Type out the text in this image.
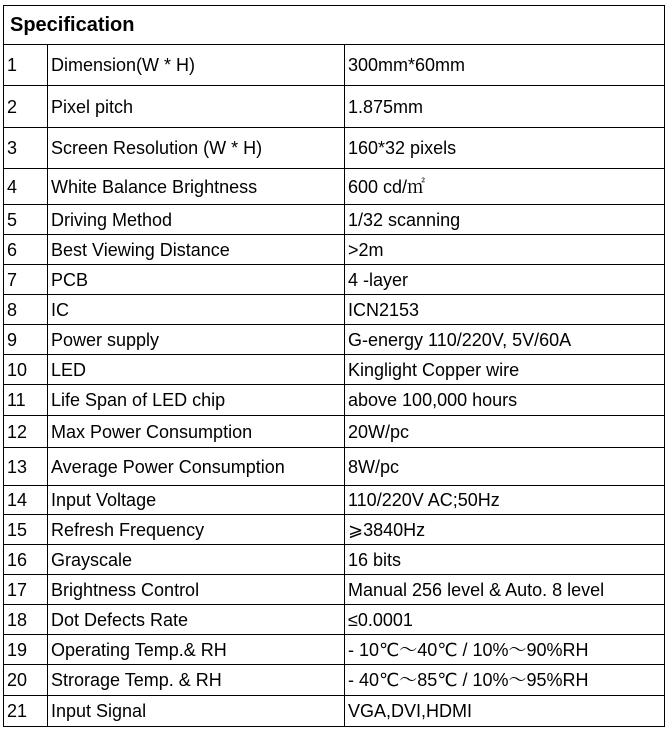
Specification		
1	Dimension(W * H)	300mm*60mm
2	Pixel pitch	1.875mm
3	Screen Resolution (W * H)	160*32 pixels
4	White Balance Brightness	600 cd/㎡
5	Driving Method	1/32 scanning
6	Best Viewing Distance	>2m
7	PCB	4 -layer
8	IC	ICN2153
9	Power supply	G-energy 110/220V, 5V/60A
10	LED	Kinglight Copper wire
11	Life Span of LED chip	above 100,000 hours
12	Max Power Consumption	20W/pc
13	Average Power Consumption	8W/pc
14	Input Voltage	110/220V AC;50Hz
15	Refresh Frequency	⩾3840Hz
16	Grayscale	16 bits
17	Brightness Control	Manual 256 level & Auto. 8 level
18	Dot Defects Rate	≤0.0001
19	Operating Temp.& RH	- 10℃～40℃ / 10%～90%RH
20	Strorage Temp. & RH	- 40℃～85℃ / 10%～95%RH
21	Input Signal	VGA,DVI,HDMI
